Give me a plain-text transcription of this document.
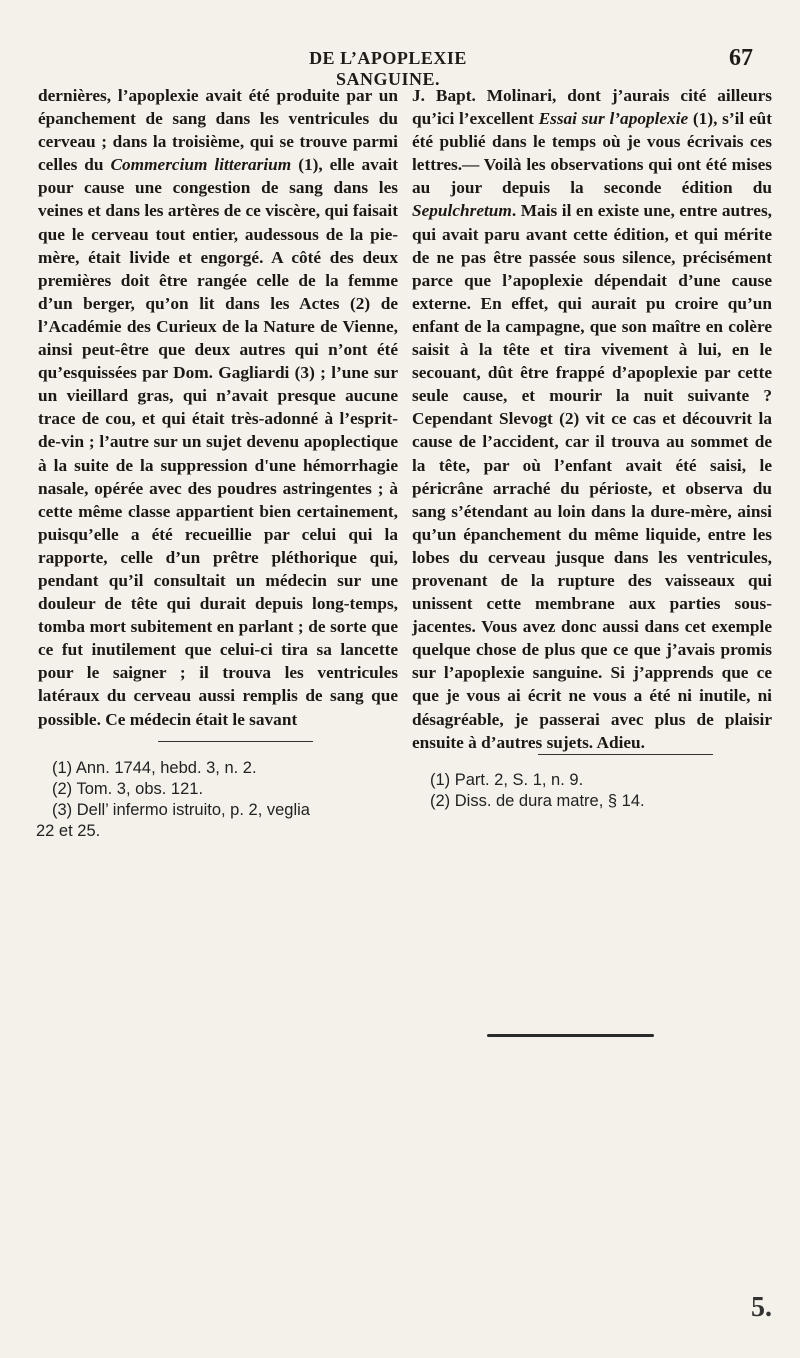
DE L’APOPLEXIE SANGUINE.
67

dernières, l’apoplexie avait été produite par un épanchement de sang dans les ventricules du cerveau ; dans la troisième, qui se trouve parmi celles du Commercium litterarium (1), elle avait pour cause une congestion de sang dans les veines et dans les artères de ce viscère, qui faisait que le cerveau tout entier, audessous de la pie-mère, était livide et engorgé. A côté des deux premières doit être rangée celle de la femme d’un berger, qu’on lit dans les Actes (2) de l’Académie des Curieux de la Nature de Vienne, ainsi peut-être que deux autres qui n’ont été qu’esquissées par Dom. Gagliardi (3) ; l’une sur un vieillard gras, qui n’avait presque aucune trace de cou, et qui était très-adonné à l’esprit-de-vin ; l’autre sur un sujet devenu apoplectique à la suite de la suppression d'une hémorrhagie nasale, opérée avec des poudres astringentes ; à cette même classe appartient bien certainement, puisqu’elle a été recueillie par celui qui la rapporte, celle d’un prêtre pléthorique qui, pendant qu’il consultait un médecin sur une douleur de tête qui durait depuis long-temps, tomba mort subitement en parlant ; de sorte que ce fut inutilement que celui-ci tira sa lancette pour le saigner ; il trouva les ventricules latéraux du cerveau aussi remplis de sang que possible. Ce médecin était le savant

J. Bapt. Molinari, dont j’aurais cité ailleurs qu’ici l’excellent Essai sur l’apoplexie (1), s’il eût été publié dans le temps où je vous écrivais ces lettres.— Voilà les observations qui ont été mises au jour depuis la seconde édition du Sepulchretum. Mais il en existe une, entre autres, qui avait paru avant cette édition, et qui mérite de ne pas être passée sous silence, précisément parce que l’apoplexie dépendait d’une cause externe. En effet, qui aurait pu croire qu’un enfant de la campagne, que son maître en colère saisit à la tête et tira vivement à lui, en le secouant, dût être frappé d’apoplexie par cette seule cause, et mourir la nuit suivante ? Cependant Slevogt (2) vit ce cas et découvrit la cause de l’accident, car il trouva au sommet de la tête, par où l’enfant avait été saisi, le péricrâne arraché du périoste, et observa du sang s’étendant au loin dans la dure-mère, ainsi qu’un épanchement du même liquide, entre les lobes du cerveau jusque dans les ventricules, provenant de la rupture des vaisseaux qui unissent cette membrane aux parties sous-jacentes. Vous avez donc aussi dans cet exemple quelque chose de plus que ce que j’avais promis sur l’apoplexie sanguine. Si j’apprends que ce que je vous ai écrit ne vous a été ni inutile, ni désagréable, je passerai avec plus de plaisir ensuite à d’autres sujets. Adieu.

(1) Ann. 1744, hebd. 3, n. 2.
(2) Tom. 3, obs. 121.
(3) Dell’ infermo istruito, p. 2, veglia
22 et 25.
(1) Part. 2, S. 1, n. 9.
(2) Diss. de dura matre, § 14.
5.
